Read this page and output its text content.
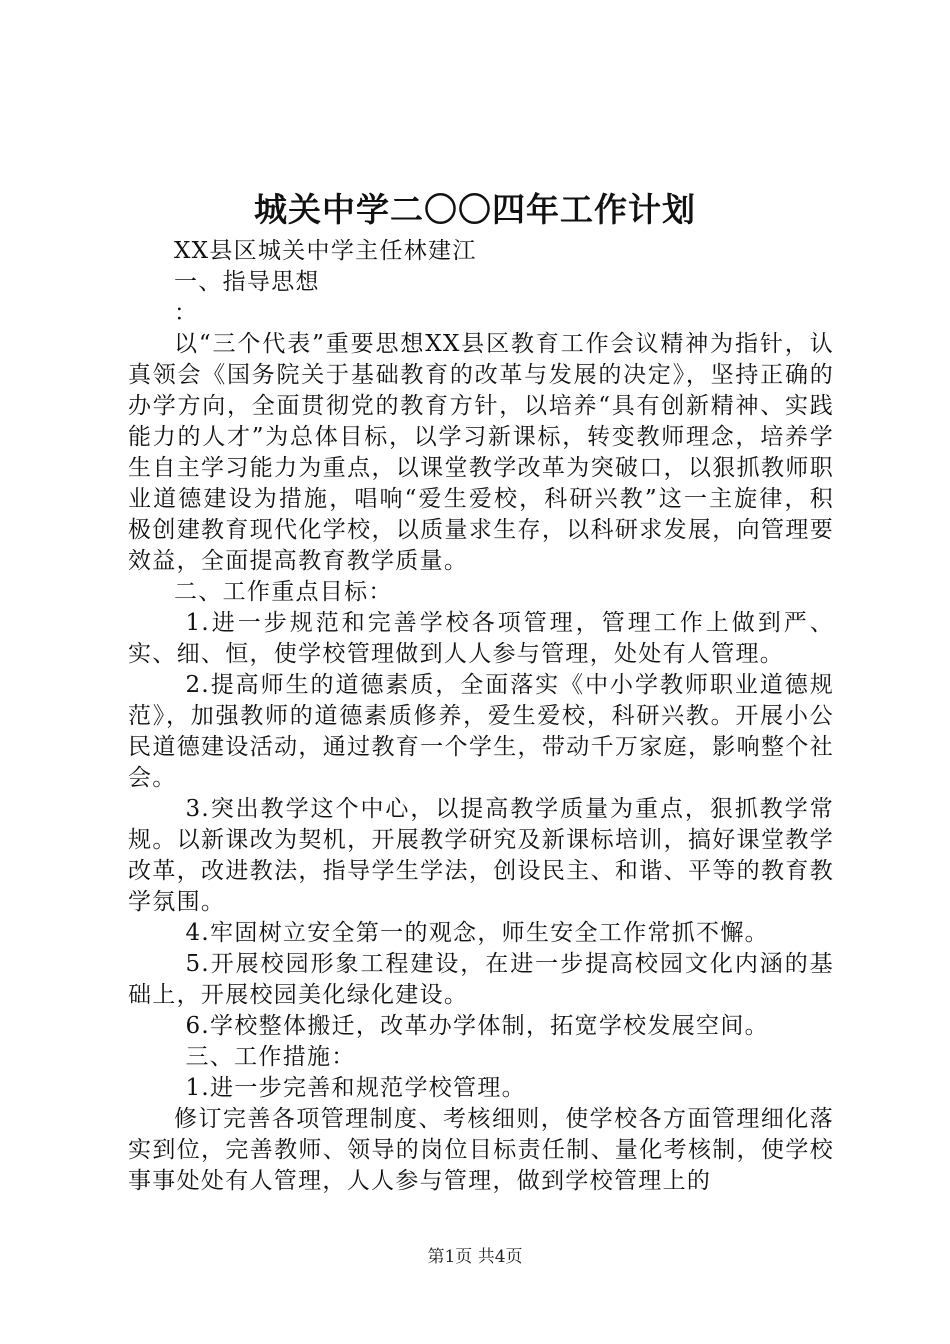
城关中学二〇〇四年工作计划

XX县区城关中学主任林建江

一、指导思想

：

以“三个代表”重要思想XX县区教育工作会议精神为指针，认真领会《国务院关于基础教育的改革与发展的决定》，坚持正确的办学方向，全面贯彻党的教育方针，以培养“具有创新精神、实践能力的人才”为总体目标，以学习新课标，转变教师理念，培养学生自主学习能力为重点，以课堂教学改革为突破口，以狠抓教师职业道德建设为措施，唱响“爱生爱校，科研兴教”这一主旋律，积极创建教育现代化学校，以质量求生存，以科研求发展，向管理要效益，全面提高教育教学质量。

二、工作重点目标：

1.进一步规范和完善学校各项管理，管理工作上做到严、实、细、恒，使学校管理做到人人参与管理，处处有人管理。

2.提高师生的道德素质，全面落实《中小学教师职业道德规范》，加强教师的道德素质修养，爱生爱校，科研兴教。开展小公民道德建设活动，通过教育一个学生，带动千万家庭，影响整个社会。

3.突出教学这个中心，以提高教学质量为重点，狠抓教学常规。以新课改为契机，开展教学研究及新课标培训，搞好课堂教学改革，改进教法，指导学生学法，创设民主、和谐、平等的教育教学氛围。

4.牢固树立安全第一的观念，师生安全工作常抓不懈。

5.开展校园形象工程建设，在进一步提高校园文化内涵的基础上，开展校园美化绿化建设。

6.学校整体搬迁，改革办学体制，拓宽学校发展空间。

三、工作措施：

1.进一步完善和规范学校管理。

修订完善各项管理制度、考核细则，使学校各方面管理细化落实到位，完善教师、领导的岗位目标责任制、量化考核制，使学校事事处处有人管理，人人参与管理，做到学校管理上的

第1页 共4页
